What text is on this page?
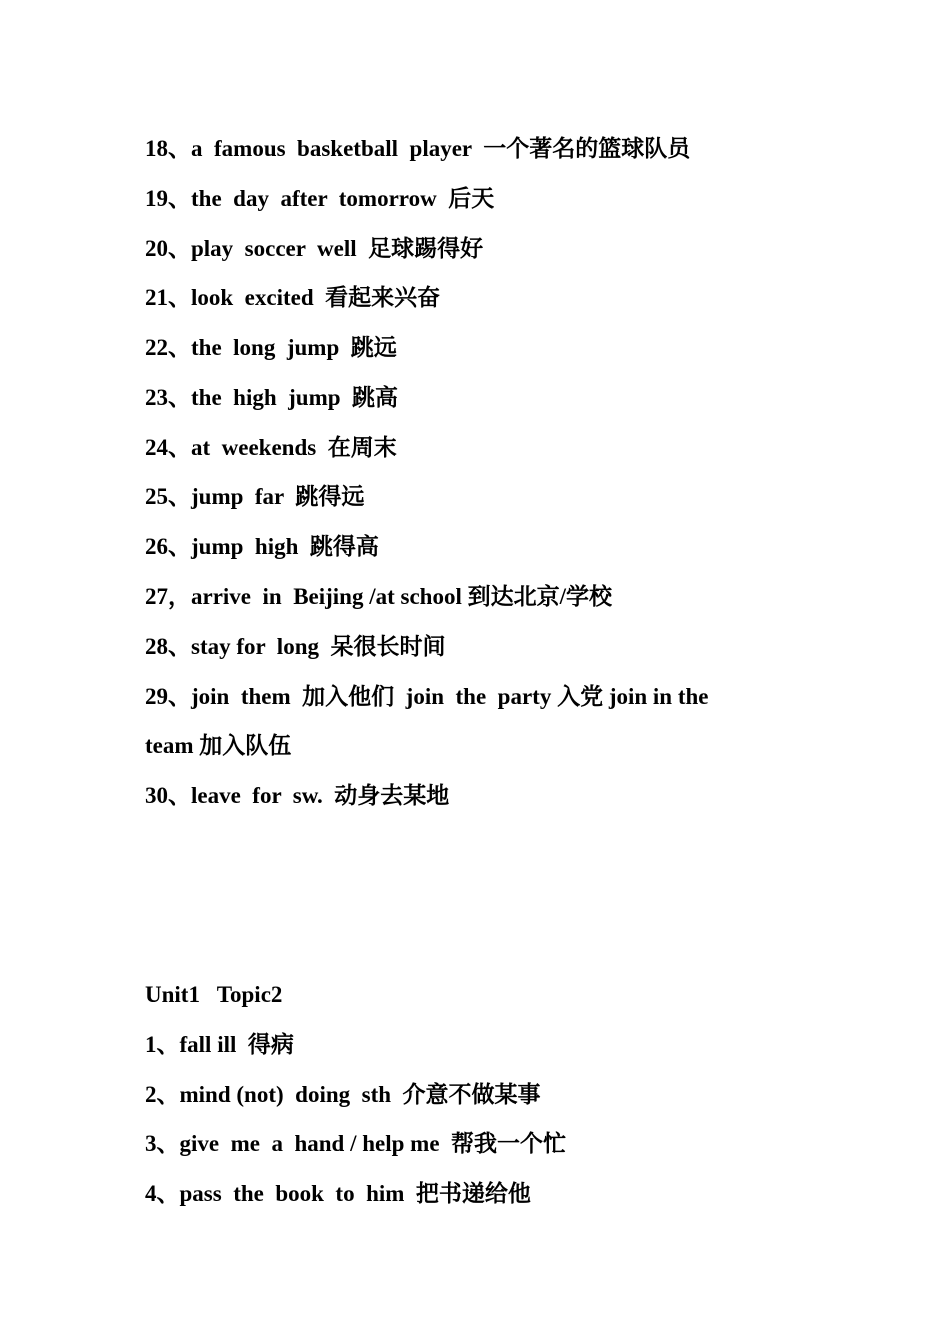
18、a  famous  basketball  player  一个著名的篮球队员
19、the  day  after  tomorrow  后天
20、play  soccer  well  足球踢得好
21、look  excited  看起来兴奋
22、the  long  jump  跳远
23、the  high  jump  跳高
24、at  weekends  在周末
25、jump  far  跳得远
26、jump  high  跳得高
27，arrive  in  Beijing /at school 到达北京/学校
28、stay for  long  呆很长时间
29、join  them  加入他们  join  the  party 入党 join in the
team 加入队伍
30、leave  for  sw.  动身去某地
Unit1   Topic2
1、fall ill  得病
2、mind (not)  doing  sth  介意不做某事
3、give  me  a  hand / help me  帮我一个忙
4、pass  the  book  to  him  把书递给他
